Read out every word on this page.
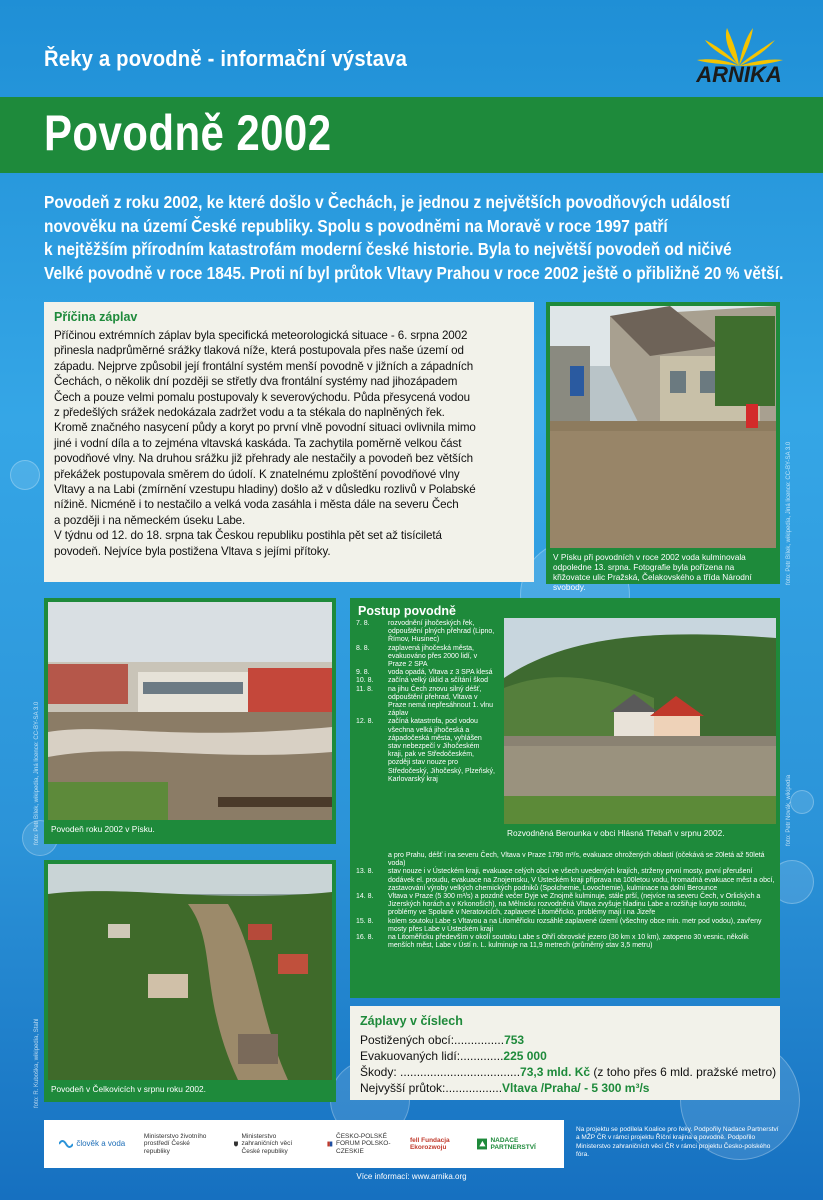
Řeky a povodně - informační výstava
ARNIKA
Povodně 2002
Povodeň z roku 2002, ke které došlo v Čechách, je jednou z největších povodňových událostí
novověku na území České republiky. Spolu s povodněmi na Moravě v roce 1997 patří
k nejtěžším přírodním katastrofám moderní české historie. Byla to největší povodeň od ničivé
Velké povodně v roce 1845. Proti ní byl průtok Vltavy Prahou v roce 2002 ještě o přibližně 20 % větší.
Příčina záplav
Příčinou extrémních záplav byla specifická meteorologická situace - 6. srpna 2002
přinesla nadprůměrné srážky tlaková níže, která postupovala přes naše území od
západu. Nejprve způsobil její frontální systém menší povodně v jižních a západních
Čechách, o několik dní později se střetly dva frontální systémy nad jihozápadem
Čech a pouze velmi pomalu postupovaly k severovýchodu. Půda přesycená vodou
z předešlých srážek nedokázala zadržet vodu a ta stékala do naplněných řek.
Kromě značného nasycení půdy a koryt po první vlně povodní situaci ovlivnila mimo
jiné i vodní díla a to zejména vltavská kaskáda. Ta zachytila poměrně velkou část
povodňové vlny. Na druhou srážku již přehrady ale nestačily a povodeň bez větších
překážek postupovala směrem do údolí. K znatelnému zploštění povodňové vlny
Vltavy a na Labi (zmírnění vzestupu hladiny) došlo až v důsledku rozlivů v Polabské
nížině. Nicméně i to nestačilo a velká voda zasáhla i města dále na severu Čech
a později i na německém úseku Labe.
V týdnu od 12. do 18. srpna tak Českou republiku postihla pět set až tisíciletá
povodeň. Nejvíce byla postižena Vltava s jejími přítoky.	V Písku při povodních v roce 2002 voda kulminovala odpoledne 13. srpna. Fotografie byla pořízena na křižovatce ulic Pražská, Čelakovského a třída Národní svobody.
foto: Petr Bílek, wikipedia, Jiná licence: CC-BY-SA 3.0
Povodeň roku 2002 v Písku.
foto: Petr Bílek, wikipedia, Jiná licence: CC-BY-SA 3.0
Povodeň v Čelkovicích v srpnu roku 2002.
foto: R. Kuboška, wikipedia, Stahl
Postup povodně
Rozvodněná Berounka v obci Hlásná Třebaň v srpnu 2002.	foto: Petr Novák, wikipedia
7. 8.	rozvodnění jihočeských řek, odpouštění plných přehrad (Lipno, Římov, Husinec)
8. 8.	zaplavená jihočeská města, evakuováno přes 2000 lidí, v Praze 2 SPA
9. 8.	voda opadá, Vltava z 3 SPA klesá
10. 8.	začíná velký úklid a sčítání škod
11. 8.	na jihu Čech znovu silný déšť, odpouštění přehrad, Vltava v Praze nemá nepřesáhnout 1. vlnu záplav
12. 8.	začíná katastrofa, pod vodou všechna velká jihočeská a západočeská města, vyhlášen stav nebezpečí v Jihočeském kraji, pak ve Středočeském, později stav nouze pro Středočeský, Jihočeský, Plzeňský, Karlovarský kraj
a pro Prahu, déšť i na severu Čech, Vltava v Praze 1790 m³/s, evakuace ohrožených oblastí (očekává se 20letá až 50letá voda)
13. 8.	stav nouze i v Ústeckém kraji, evakuace celých obcí ve všech uvedených krajích, strženy první mosty, první přerušení dodávek el. proudu, evakuace na Znojemsku, V Ústeckém kraji příprava na 100letou vodu, hromadná evakuace měst a obcí, zastavování výroby velkých chemických podniků (Spolchemie, Lovochemie), kulminace na dolní Berounce
14. 8.	Vltava v Praze (5 300 m³/s) a pozdně večer Dyje ve Znojmě kulminuje, stále prší, (nejvíce na severu Čech, v Orlických a Jizerských horách a v Krkonoších), na Mělnicku rozvodněná Vltava zvyšuje hladinu Labe a rozšiřuje koryto soutoku, problémy ve Spolaně v Neratovicích, zaplavené Litoměřicko, problémy mají i na Jizeře
15. 8.	kolem soutoku Labe s Vltavou a na Litoměřicku rozsáhlé zaplavené území (všechny obce min. metr pod vodou), zavřeny mosty přes Labe v Ústeckém kraji
16. 8.	na Litoměřicku především v okolí soutoku Labe s Ohří obrovské jezero (30 km x 10 km), zatopeno 30 vesnic, několik menších měst, Labe v Ústí n. L. kulminuje na 11,9 metrech (průměrný stav 3,5 metru)
Záplavy v číslech
Postižených obcí:...............753
Evakuovaných lidí:.............225 000
Škody: ....................................73,3 mld. Kč (z toho přes 6 mld. pražské metro)
Nejvyšší průtok:.................Vltava /Praha/ - 5 300 m³/s
člověk a voda
Ministerstvo životního prostředí České republiky
Ministerstvo zahraničních věcí České republiky
ČESKO-POLSKÉ FORUM POLSKO-CZESKIE
fell Fundacja Ekorozwoju
NADACE PARTNERSTVÍ
Na projektu se podílela Koalice pro řeky. Podpořily Nadace Partnerství a MŽP ČR v rámci projektu Říční krajina a povodně. Podpořilo Ministerstvo zahraničních věcí ČR v rámci projektu Česko-polského fóra.
Více informací: www.arnika.org
